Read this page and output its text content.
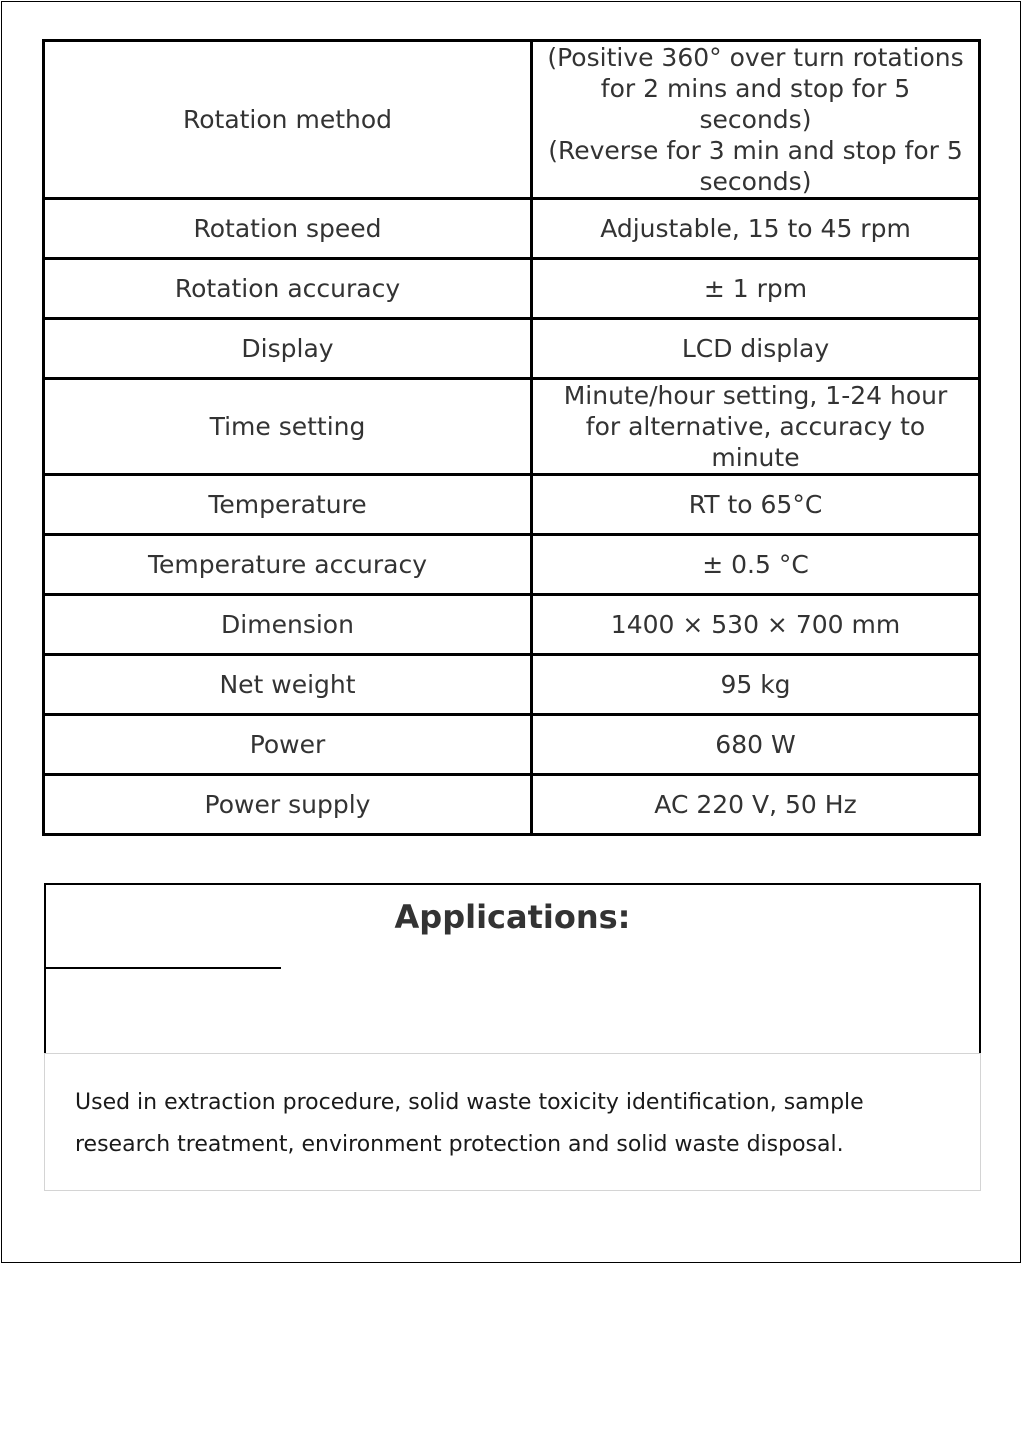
Rotation method	(Positive 360° over turn rotations for 2 mins and stop for 5 seconds)
(Reverse for 3 min and stop for 5 seconds)
Rotation speed	Adjustable, 15 to 45 rpm
Rotation accuracy	± 1 rpm
Display	LCD display
Time setting	Minute/hour setting, 1-24 hour for alternative, accuracy to minute
Temperature	RT to 65°C
Temperature accuracy	± 0.5 °C
Dimension	1400 × 530 × 700 mm
Net weight	95 kg
Power	680 W
Power supply	AC 220 V, 50 Hz
Applications:

Used in extraction procedure, solid waste toxicity identification, sample research treatment, environment protection and solid waste disposal.
